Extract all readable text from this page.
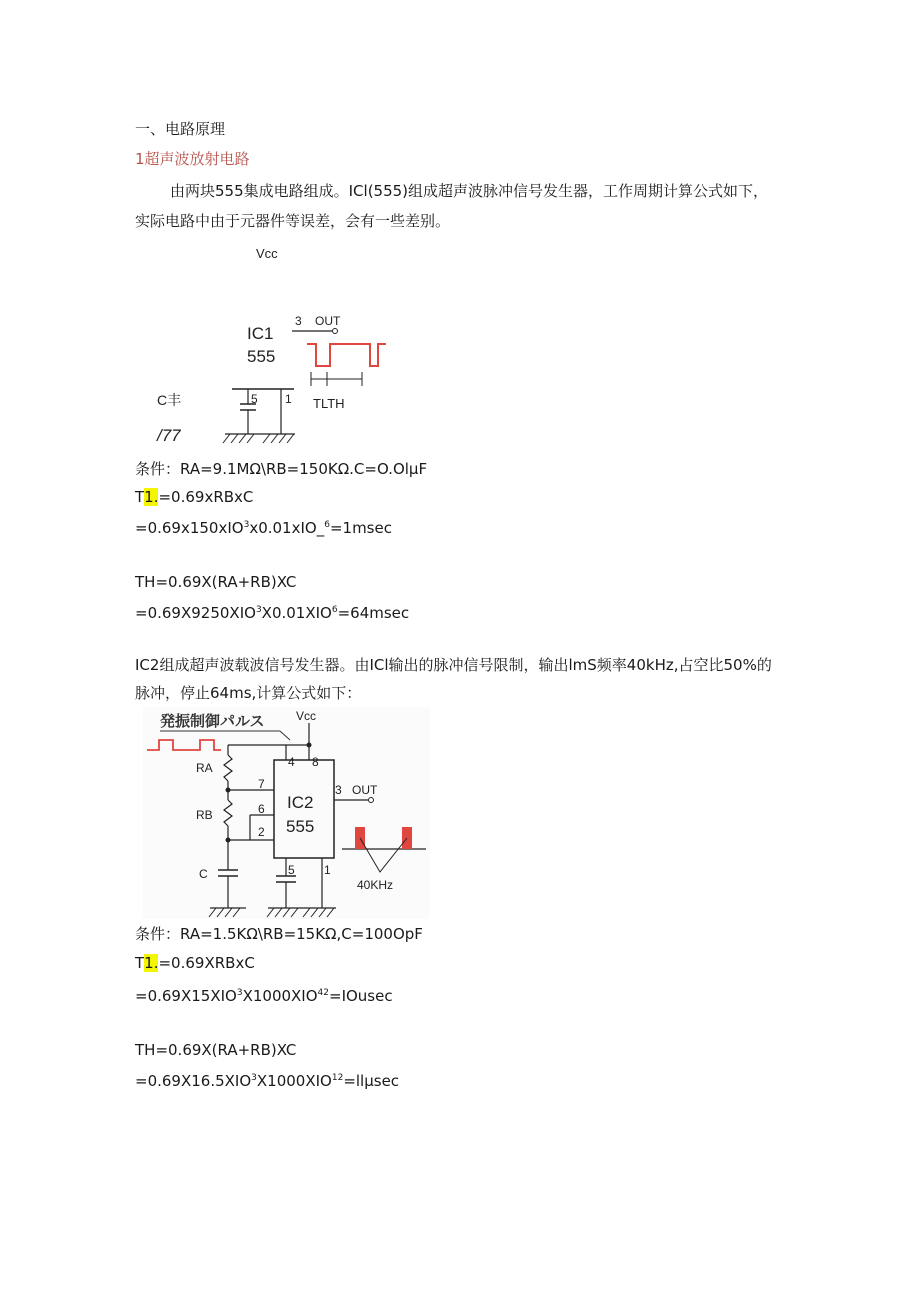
一、电路原理
1超声波放射电路
由两块555集成电路组成。ICl(555)组成超声波脉冲信号发生器，工作周期计算公式如下，
实际电路中由于元器件等误差，会有一些差别。
Vcc
IC1
555
3 OUT
TLTH
5 1
C丰
/77
条件：RA=9.1MΩ\RB=150KΩ.C=O.OlμF
T1.=0.69xRBxC
=0.69x150xIO$^3$x0.01xIO_$^6$=1msec
TH=0.69X(RA+RB)XC
$=0.69X9250XIO^3X0.01XIO^6=64msec$
IC2组成超声波载波信号发生器。由ICl输出的脉冲信号限制，输出lmS频率40kHz,占空比50%的
脉冲，停止64ms,计算公式如下：
発振制御パルス	Vcc
RA
RB
C
IC2
555
4 8
7
6
2
3 OUT
40KHz
5 1
条件：RA=1.5KΩ\RB=15KΩ,C=100OpF
T1.=0.69XRBxC
$=0.69X15XIO^3X1000XIO^{42}=IOusec$
TH=0.69X(RA+RB)XC
$=0.69X16.5XIO^3X1000XIO^{12}=ll\mu\sec$
